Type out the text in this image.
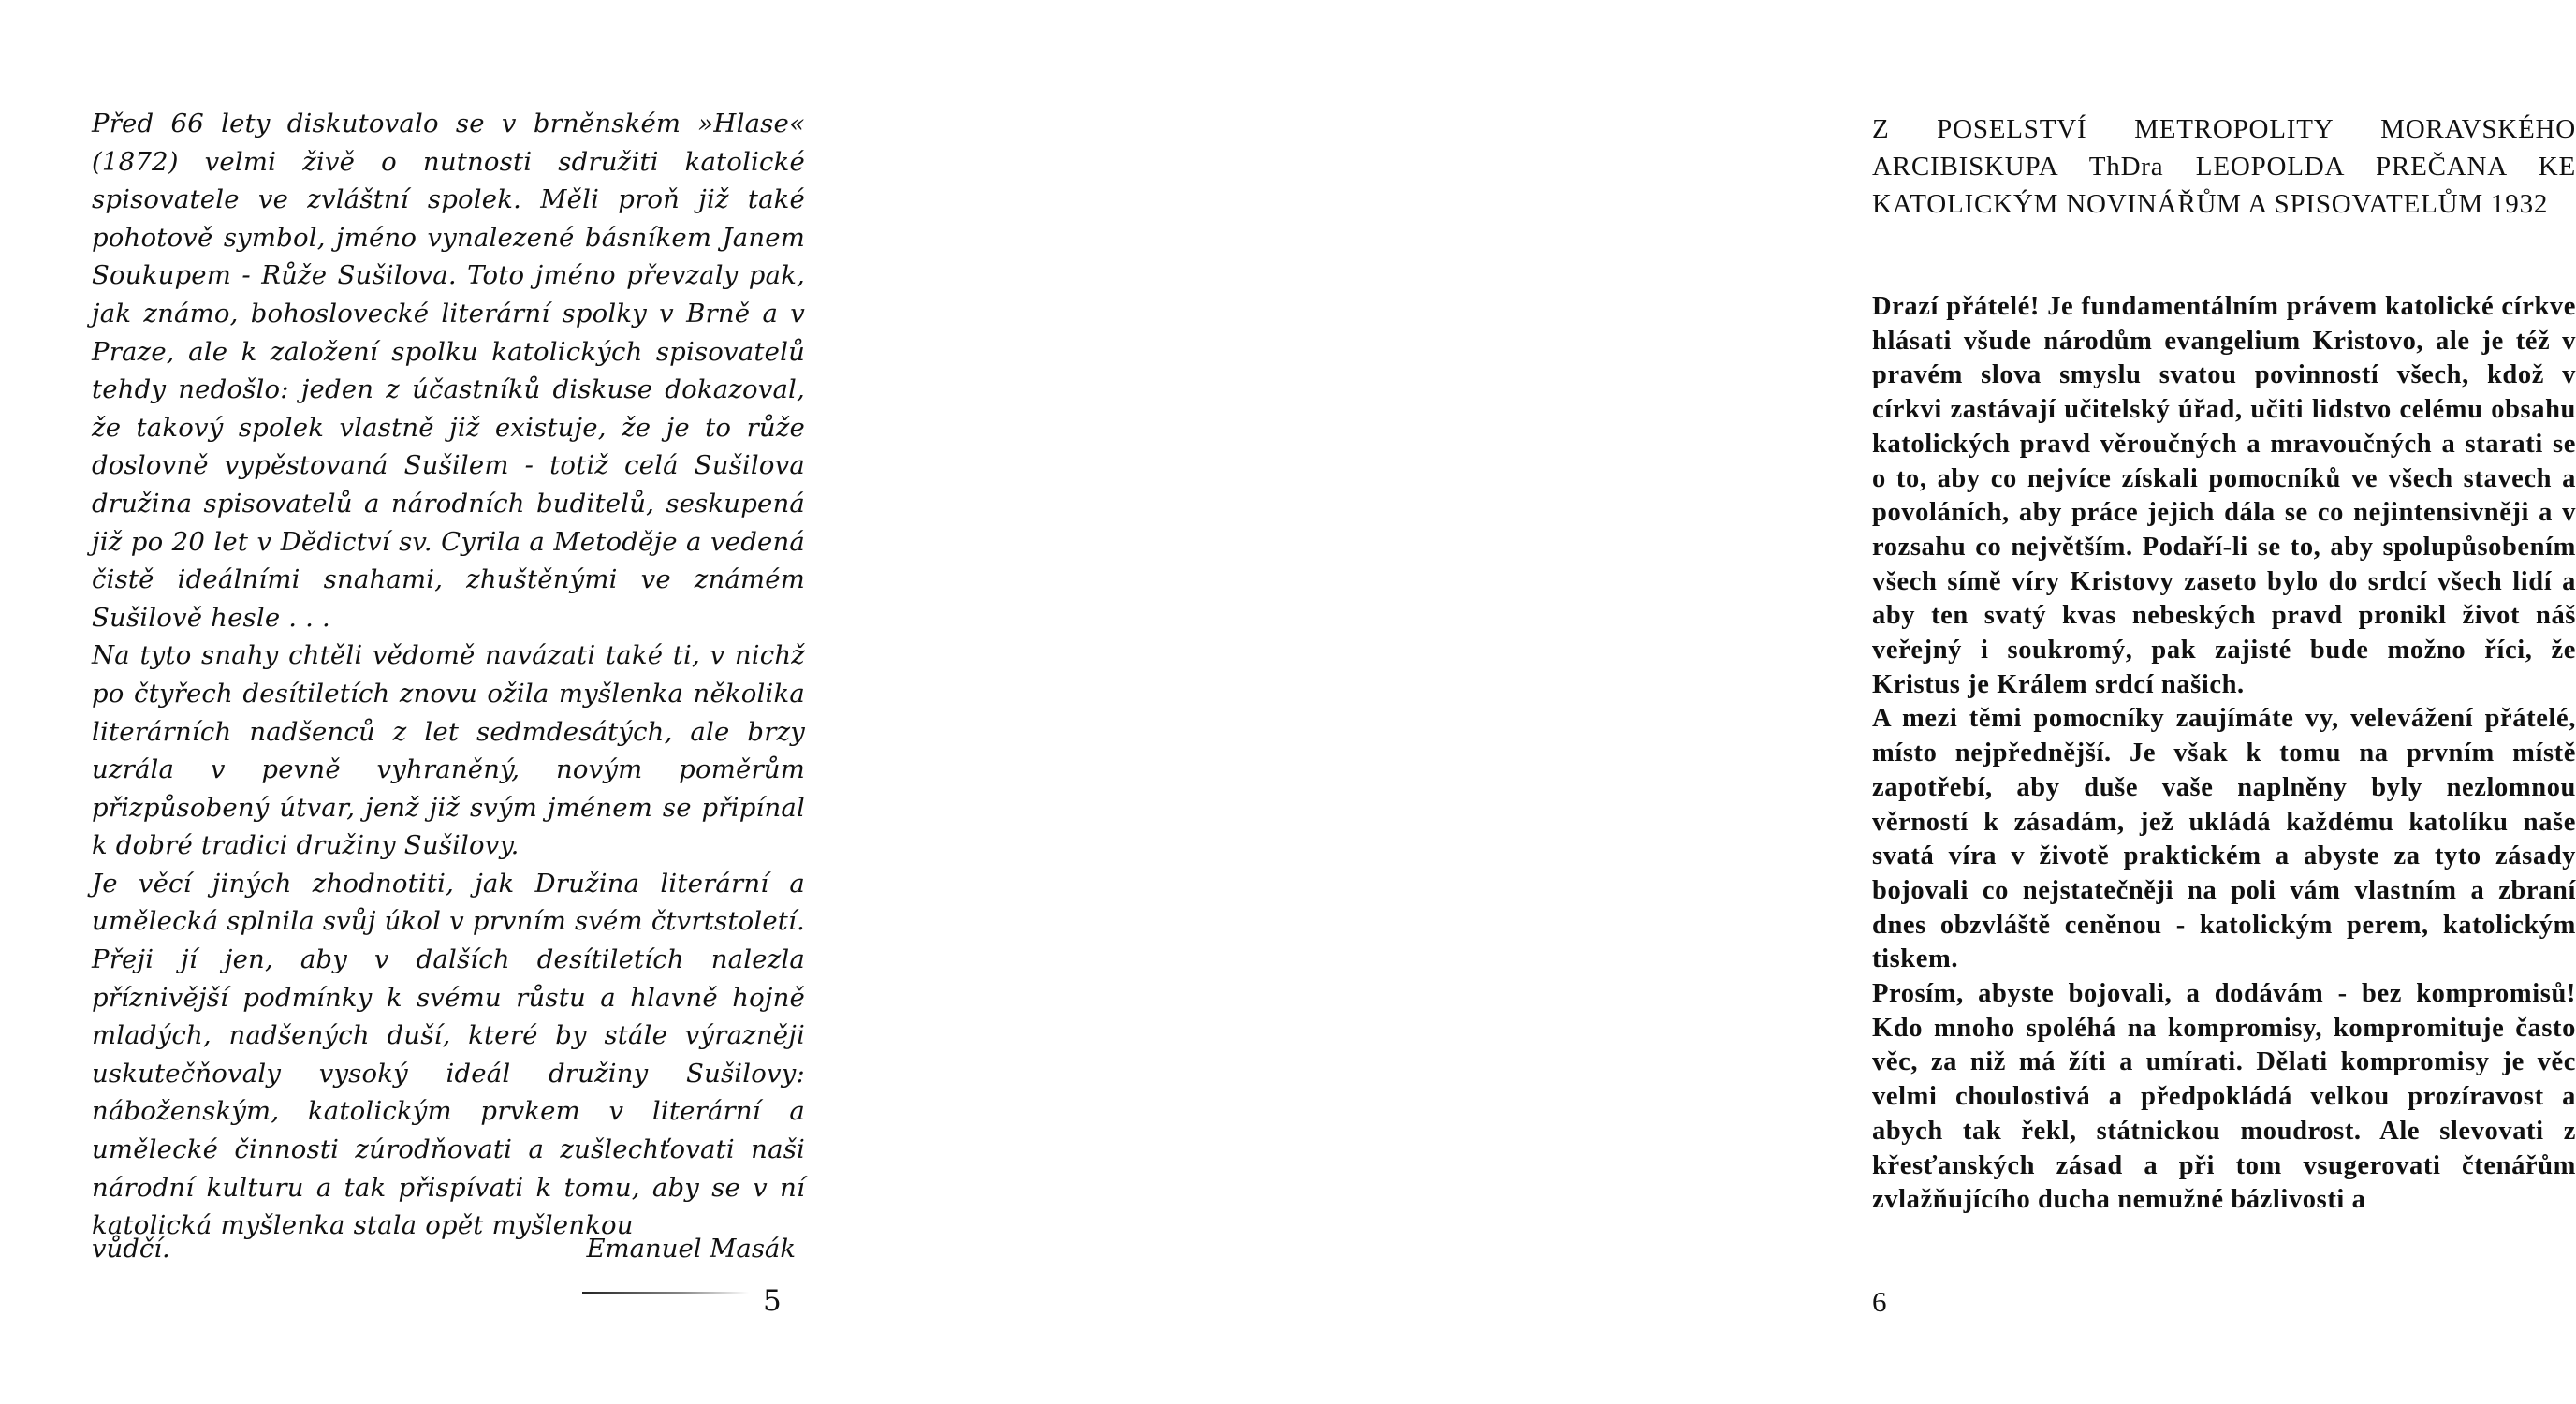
Před 66 lety diskutovalo se v brněnském »Hlase« (1872) velmi živě o nutnosti sdružiti katolické spisovatele ve zvláštní spolek. Měli proň již také pohotově symbol, jméno vynalezené básníkem Janem Soukupem - Růže Sušilova. Toto jméno převzaly pak, jak známo, bohoslovecké literární spolky v Brně a v Praze, ale k založení spolku katolických spisovatelů tehdy nedošlo: jeden z účastníků diskuse dokazoval, že takový spolek vlastně již existuje, že je to růže doslovně vypěstovaná Sušilem - totiž celá Sušilova družina spisovatelů a národních buditelů, seskupená již po 20 let v Dědictví sv. Cyrila a Metoděje a vedená čistě ideálními snahami, zhuštěnými ve známém Sušilově hesle . . .

Na tyto snahy chtěli vědomě navázati také ti, v nichž po čtyřech desítiletích znovu ožila myšlenka několika literárních nadšenců z let sedmdesátých, ale brzy uzrála v pevně vyhraněný, novým poměrům přizpůsobený útvar, jenž již svým jménem se připínal k dobré tradici družiny Sušilovy.

Je věcí jiných zhodnotiti, jak Družina literární a umělecká splnila svůj úkol v prvním svém čtvrtstoletí. Přeji jí jen, aby v dalších desítiletích nalezla příznivější podmínky k svému růstu a hlavně hojně mladých, nadšených duší, které by stále výrazněji uskutečňovaly vysoký ideál družiny Sušilovy: náboženským, katolickým prvkem v literární a umělecké činnosti zúrodňovati a zušlechťovati naši národní kulturu a tak přispívati k tomu, aby se v ní katolická myšlenka stala opět myšlenkou

vůdčí.	Emanuel Masák
5
Z POSELSTVÍ METROPOLITY MORAVSKÉHO ARCIBISKUPA ThDra LEOPOLDA PREČANA KE KATOLICKÝM NOVINÁŘŮM A SPISOVATELŮM 1932

Drazí přátelé! Je fundamentálním právem katolické církve hlásati všude národům evangelium Kristovo, ale je též v pravém slova smyslu svatou povinností všech, kdož v církvi zastávají učitelský úřad, učiti lidstvo celému obsahu katolických pravd věroučných a mravoučných a starati se o to, aby co nejvíce získali pomocníků ve všech stavech a povoláních, aby práce jejich dála se co nejintensivněji a v rozsahu co největším. Podaří-li se to, aby spolupůsobením všech símě víry Kristovy zaseto bylo do srdcí všech lidí a aby ten svatý kvas nebeských pravd pronikl život náš veřejný i soukromý, pak zajisté bude možno říci, že Kristus je Králem srdcí našich.

A mezi těmi pomocníky zaujímáte vy, velevážení přátelé, místo nejpřednější. Je však k tomu na prvním místě zapotřebí, aby duše vaše naplněny byly nezlomnou věrností k zásadám, jež ukládá každému katolíku naše svatá víra v životě praktickém a abyste za tyto zásady bojovali co nejstatečněji na poli vám vlastním a zbraní dnes obzvláště ceněnou - katolickým perem, katolickým tiskem.

Prosím, abyste bojovali, a dodávám - bez kompromisů! Kdo mnoho spoléhá na kompromisy, kompromituje často věc, za niž má žíti a umírati. Dělati kompromisy je věc velmi choulostivá a předpokládá velkou prozíravost a abych tak řekl, státnickou moudrost. Ale slevovati z křesťanských zásad a při tom vsugerovati čtenářům zvlažňujícího ducha nemužné bázlivosti a

6
